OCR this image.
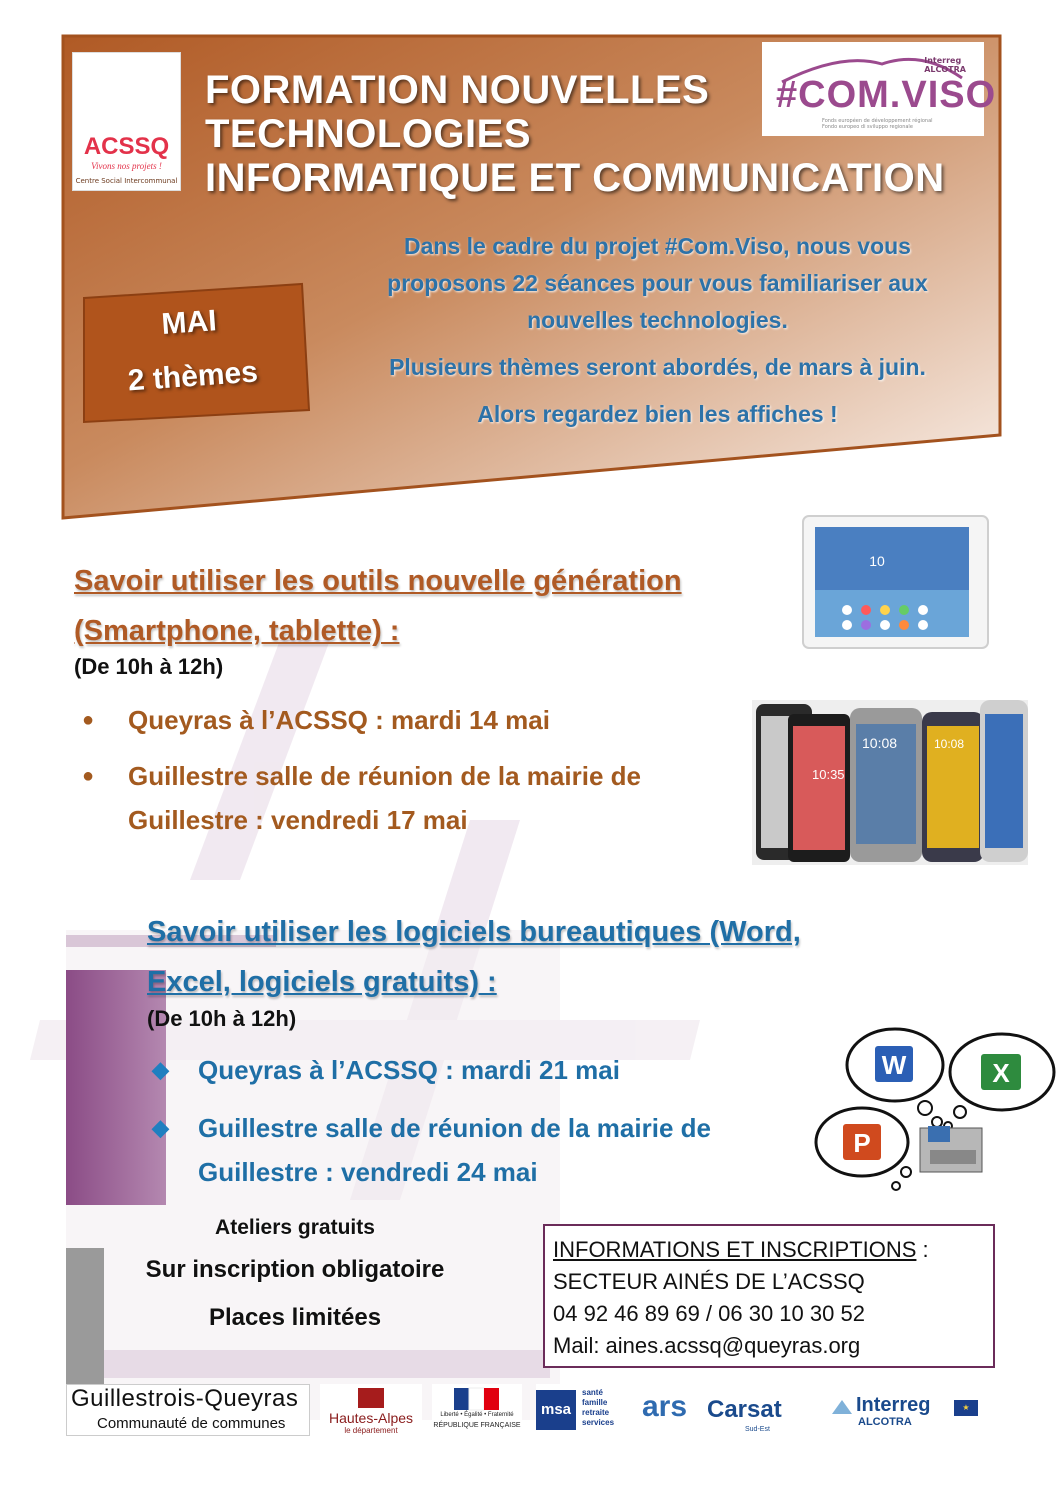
10
10:35
10:08	10:08
W	X
P
FORMATION NOUVELLES
TECHNOLOGIES
INFORMATIQUE ET COMMUNICATION
ACSSQ
Vivons nos projets !
Centre Social Intercommunal
Interreg
ALCOTRA
#COM.VISO
Fonds européen de développement régional
Fondo europeo di sviluppo regionale
MAI
2 thèmes
Dans le cadre du projet #Com.Viso, nous vous
proposons 22 séances pour vous familiariser aux
nouvelles technologies.
Plusieurs thèmes seront abordés, de mars à juin.
Alors regardez bien les affiches !
Savoir utiliser les outils nouvelle génération
(Smartphone, tablette) :
(De 10h à 12h)
● Queyras à l’ACSSQ : mardi 14 mai
● Guillestre salle de réunion de la mairie de Guillestre : vendredi 17 mai
Savoir utiliser les logiciels bureautiques (Word,
Excel, logiciels gratuits) :
(De 10h à 12h)
◆ Queyras à l’ACSSQ : mardi 21 mai
◆ Guillestre salle de réunion de la mairie de Guillestre : vendredi 24 mai
Ateliers gratuits
Sur inscription obligatoire
Places limitées
INFORMATIONS ET INSCRIPTIONS :
SECTEUR AINÉS DE L’ACSSQ
04 92 46 89 69 / 06 30 10 30 52
Mail: aines.acssq@queyras.org
Guillestrois-Queyras
Communauté de communes	Hautes-Alpes
le département
Liberté • Égalité • Fraternité
RÉPUBLIQUE FRANÇAISE
msa
santé
famille
retraite
services ars Carsat
Sud-Est
Interreg
ALCOTRA
★
